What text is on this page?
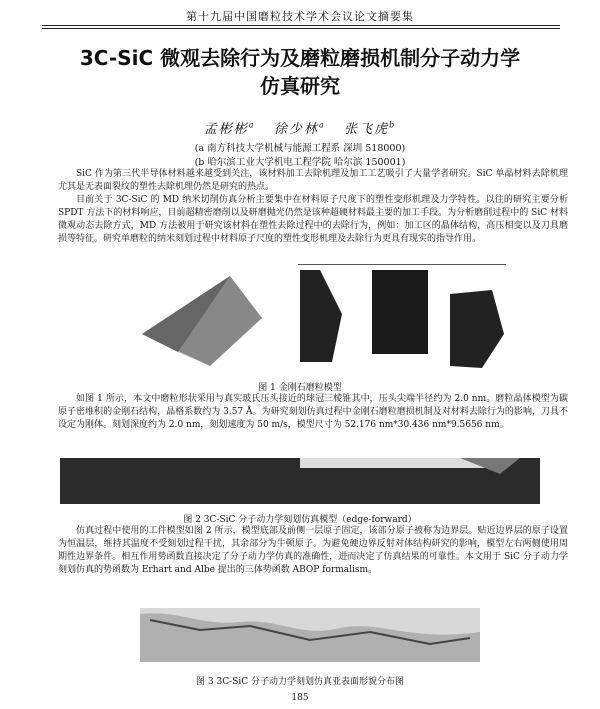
第十九届中国磨粒技术学术会议论文摘要集
3C-SiC 微观去除行为及磨粒磨损机制分子动力学
仿真研究
孟彬彬$^a$ 徐少林$^a$ 张飞虎$^b$
(a 南方科技大学机械与能源工程系 深圳 518000)
(b 哈尔滨工业大学机电工程学院 哈尔滨 150001)
SiC 作为第三代半导体材料越来越受到关注，该材料加工去除机理及加工工艺吸引了大量学者研究。SiC 单晶材料去除机理尤其是无表面裂纹的塑性去除机理仍然是研究的热点。
目前关于 3C-SiC 的 MD 纳米切削仿真分析主要集中在材料原子尺度下的塑性变形机理及力学特性。以往的研究主要分析 SPDT 方法下的材料响应，目前超精密磨削以及研磨抛光仍然是该种超硬材料最主要的加工手段。为分析磨削过程中的 SiC 材料微观动态去除方式，MD 方法被用于研究该材料在塑性去除过程中的去除行为，例如：加工区的晶体结构，高压相变以及刀具磨损等特征。研究单磨粒的纳米刻划过程中材料原子尺度的塑性变形机理及去除行为更具有现实的指导作用。
图 1 金刚石磨粒模型
如图 1 所示，本文中磨粒形状采用与真实玻氏压头接近的球冠三棱锥其中，压头尖端半径约为 2.0 nm。磨粒晶体模型为碳原子密堆积的金刚石结构，晶格系数约为 3.57 Å。为研究刻划仿真过程中金刚石磨粒磨损机制及对材料去除行为的影响，刀具不设定为刚体。刻划深度约为 2.0 nm，刻划速度为 50 m/s，模型尺寸为 52.176 nm*30.436 nm*9.5656 nm。
图 2 3C-SiC 分子动力学刻划仿真模型（edge-forward）
仿真过程中使用的工件模型如图 2 所示，模型底部及前侧一层原子固定，该部分原子被称为边界层。贴近边界层的原子设置为恒温层，维持其温度不受刻划过程干扰，其余部分为牛顿原子。为避免硬边界反射对体结构研究的影响，模型左右两侧使用周期性边界条件。相互作用势函数直接决定了分子动力学仿真的准确性，进而决定了仿真结果的可靠性。本文用于 SiC 分子动力学刻划仿真的势函数为 Erhart and Albe 提出的三体势函数 ABOP formalism。
图 3 3C-SiC 分子动力学刻划仿真亚表面形貌分布图
185
